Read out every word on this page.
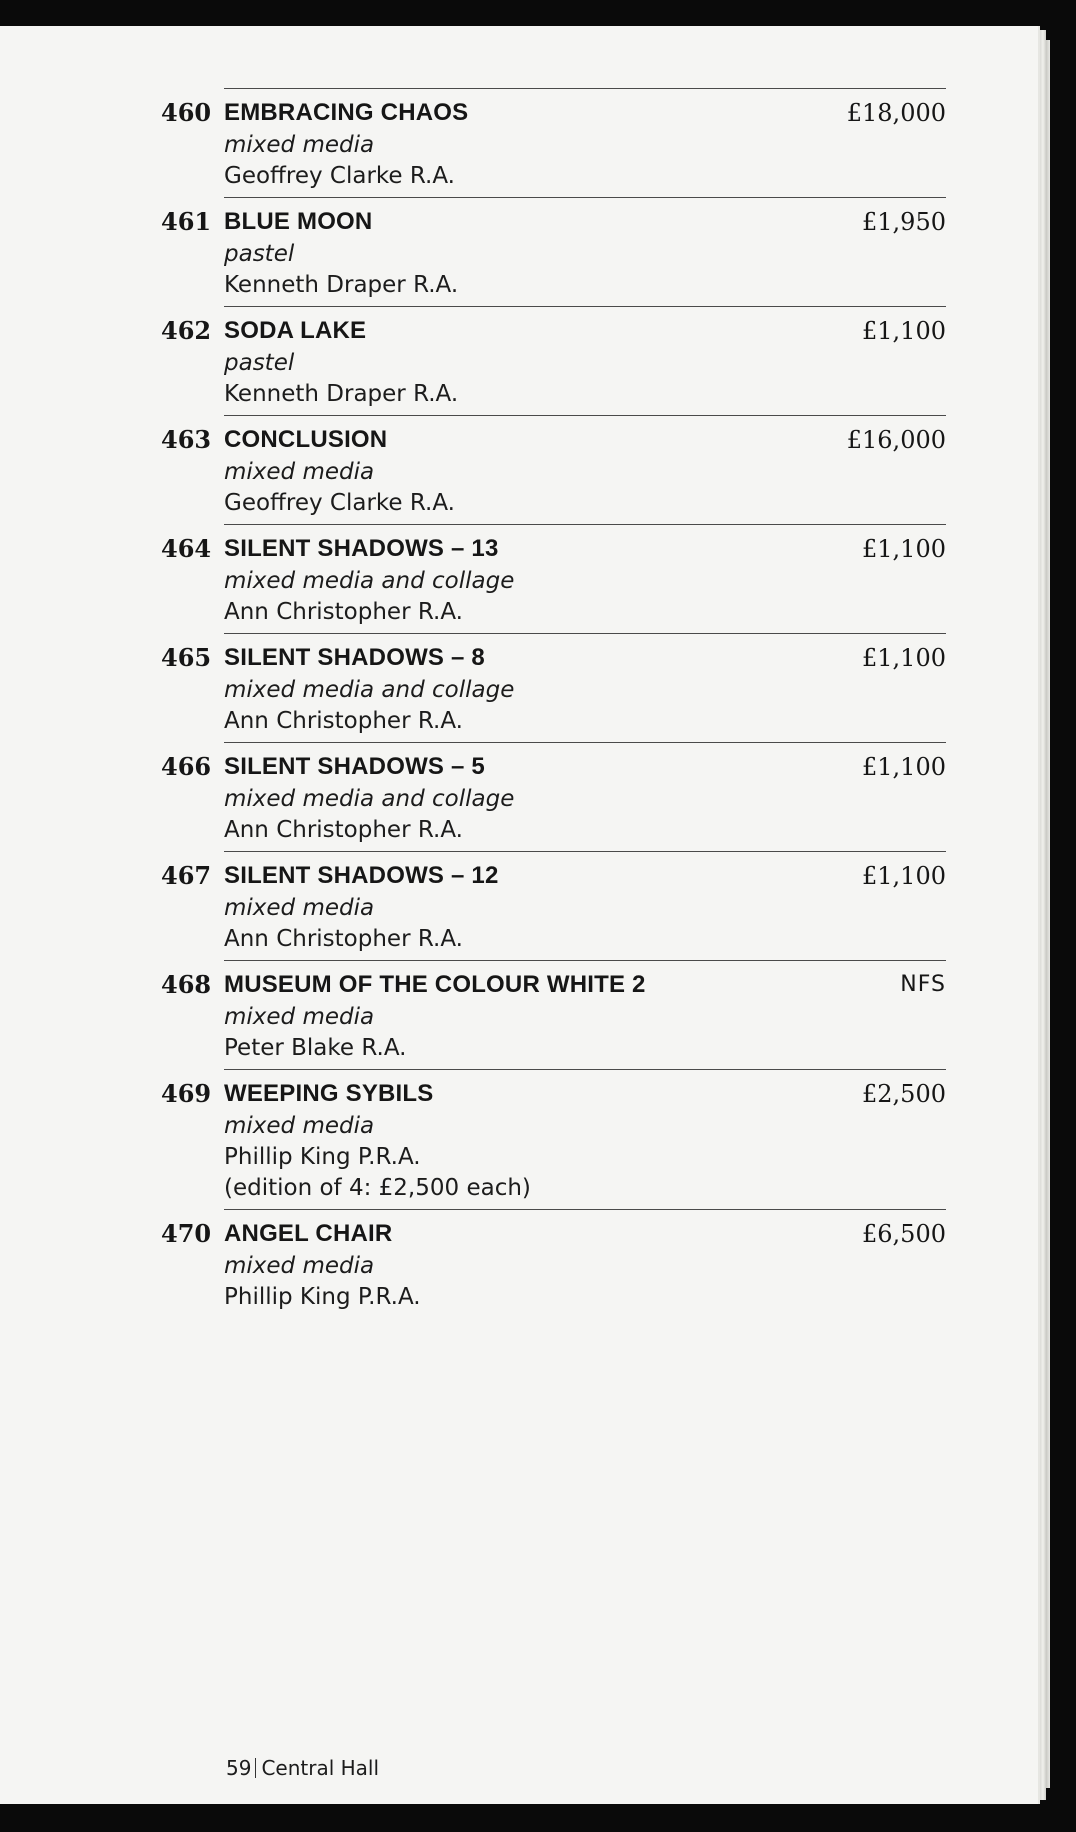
460 EMBRACING CHAOS
mixed media
Geoffrey Clarke R.A.
£18,000
461 BLUE MOON
pastel
Kenneth Draper R.A.
£1,950
462 SODA LAKE
pastel
Kenneth Draper R.A.
£1,100
463 CONCLUSION
mixed media
Geoffrey Clarke R.A.
£16,000
464 SILENT SHADOWS – 13
mixed media and collage
Ann Christopher R.A.
£1,100
465 SILENT SHADOWS – 8
mixed media and collage
Ann Christopher R.A.
£1,100
466 SILENT SHADOWS – 5
mixed media and collage
Ann Christopher R.A.
£1,100
467 SILENT SHADOWS – 12
mixed media
Ann Christopher R.A.
£1,100
468 MUSEUM OF THE COLOUR WHITE 2
mixed media
Peter Blake R.A.
NFS
469 WEEPING SYBILS
mixed media
Phillip King P.R.A.
(edition of 4: £2,500 each)
£2,500
470 ANGEL CHAIR
mixed media
Phillip King P.R.A.
£6,500
59 Central Hall
